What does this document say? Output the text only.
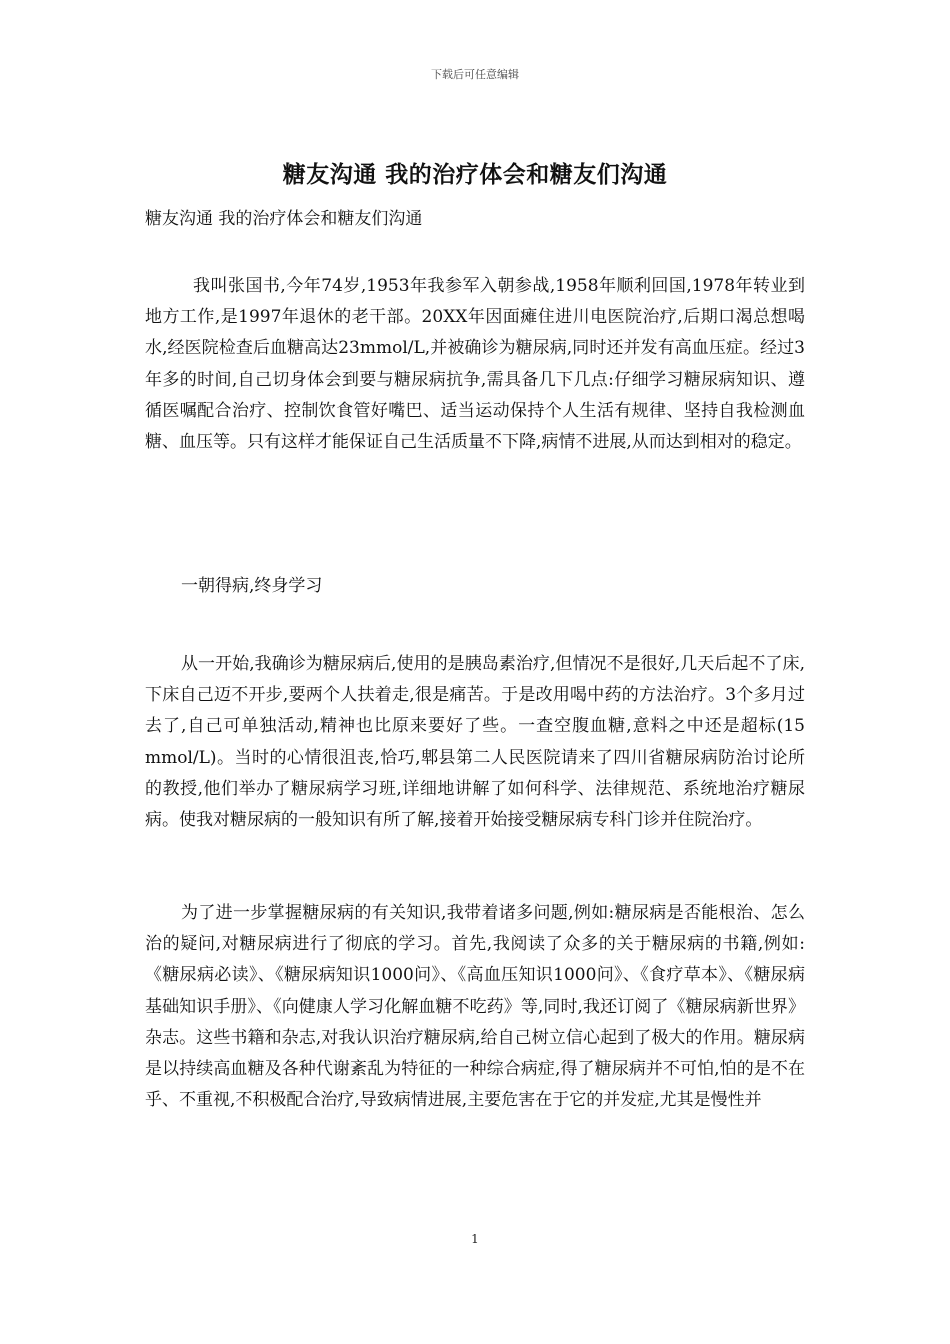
下载后可任意编辑
糖友沟通 我的治疗体会和糖友们沟通
糖友沟通 我的治疗体会和糖友们沟通

我叫张国书,今年74岁,1953年我参军入朝参战,1958年顺利回国,1978年转业到地方工作,是1997年退休的老干部。20XX年因面瘫住进川电医院治疗,后期口渴总想喝水,经医院检查后血糖高达23mmol/L,并被确诊为糖尿病,同时还并发有高血压症。经过3年多的时间,自己切身体会到要与糖尿病抗争,需具备几下几点:仔细学习糖尿病知识、遵循医嘱配合治疗、控制饮食管好嘴巴、适当运动保持个人生活有规律、坚持自我检测血糖、血压等。只有这样才能保证自己生活质量不下降,病情不进展,从而达到相对的稳定。

一朝得病,终身学习

从一开始,我确诊为糖尿病后,使用的是胰岛素治疗,但情况不是很好,几天后起不了床,下床自己迈不开步,要两个人扶着走,很是痛苦。于是改用喝中药的方法治疗。3个多月过去了,自己可单独活动,精神也比原来要好了些。一查空腹血糖,意料之中还是超标(15 mmol/L)。当时的心情很沮丧,恰巧,郫县第二人民医院请来了四川省糖尿病防治讨论所的教授,他们举办了糖尿病学习班,详细地讲解了如何科学、法律规范、系统地治疗糖尿病。使我对糖尿病的一般知识有所了解,接着开始接受糖尿病专科门诊并住院治疗。

为了进一步掌握糖尿病的有关知识,我带着诸多问题,例如:糖尿病是否能根治、怎么治的疑问,对糖尿病进行了彻底的学习。首先,我阅读了众多的关于糖尿病的书籍,例如:《糖尿病必读》、《糖尿病知识1000问》、《高血压知识1000问》、《食疗草本》、《糖尿病基础知识手册》、《向健康人学习化解血糖不吃药》等,同时,我还订阅了《糖尿病新世界》杂志。这些书籍和杂志,对我认识治疗糖尿病,给自己树立信心起到了极大的作用。糖尿病是以持续高血糖及各种代谢紊乱为特征的一种综合病症,得了糖尿病并不可怕,怕的是不在乎、不重视,不积极配合治疗,导致病情进展,主要危害在于它的并发症,尤其是慢性并

1
